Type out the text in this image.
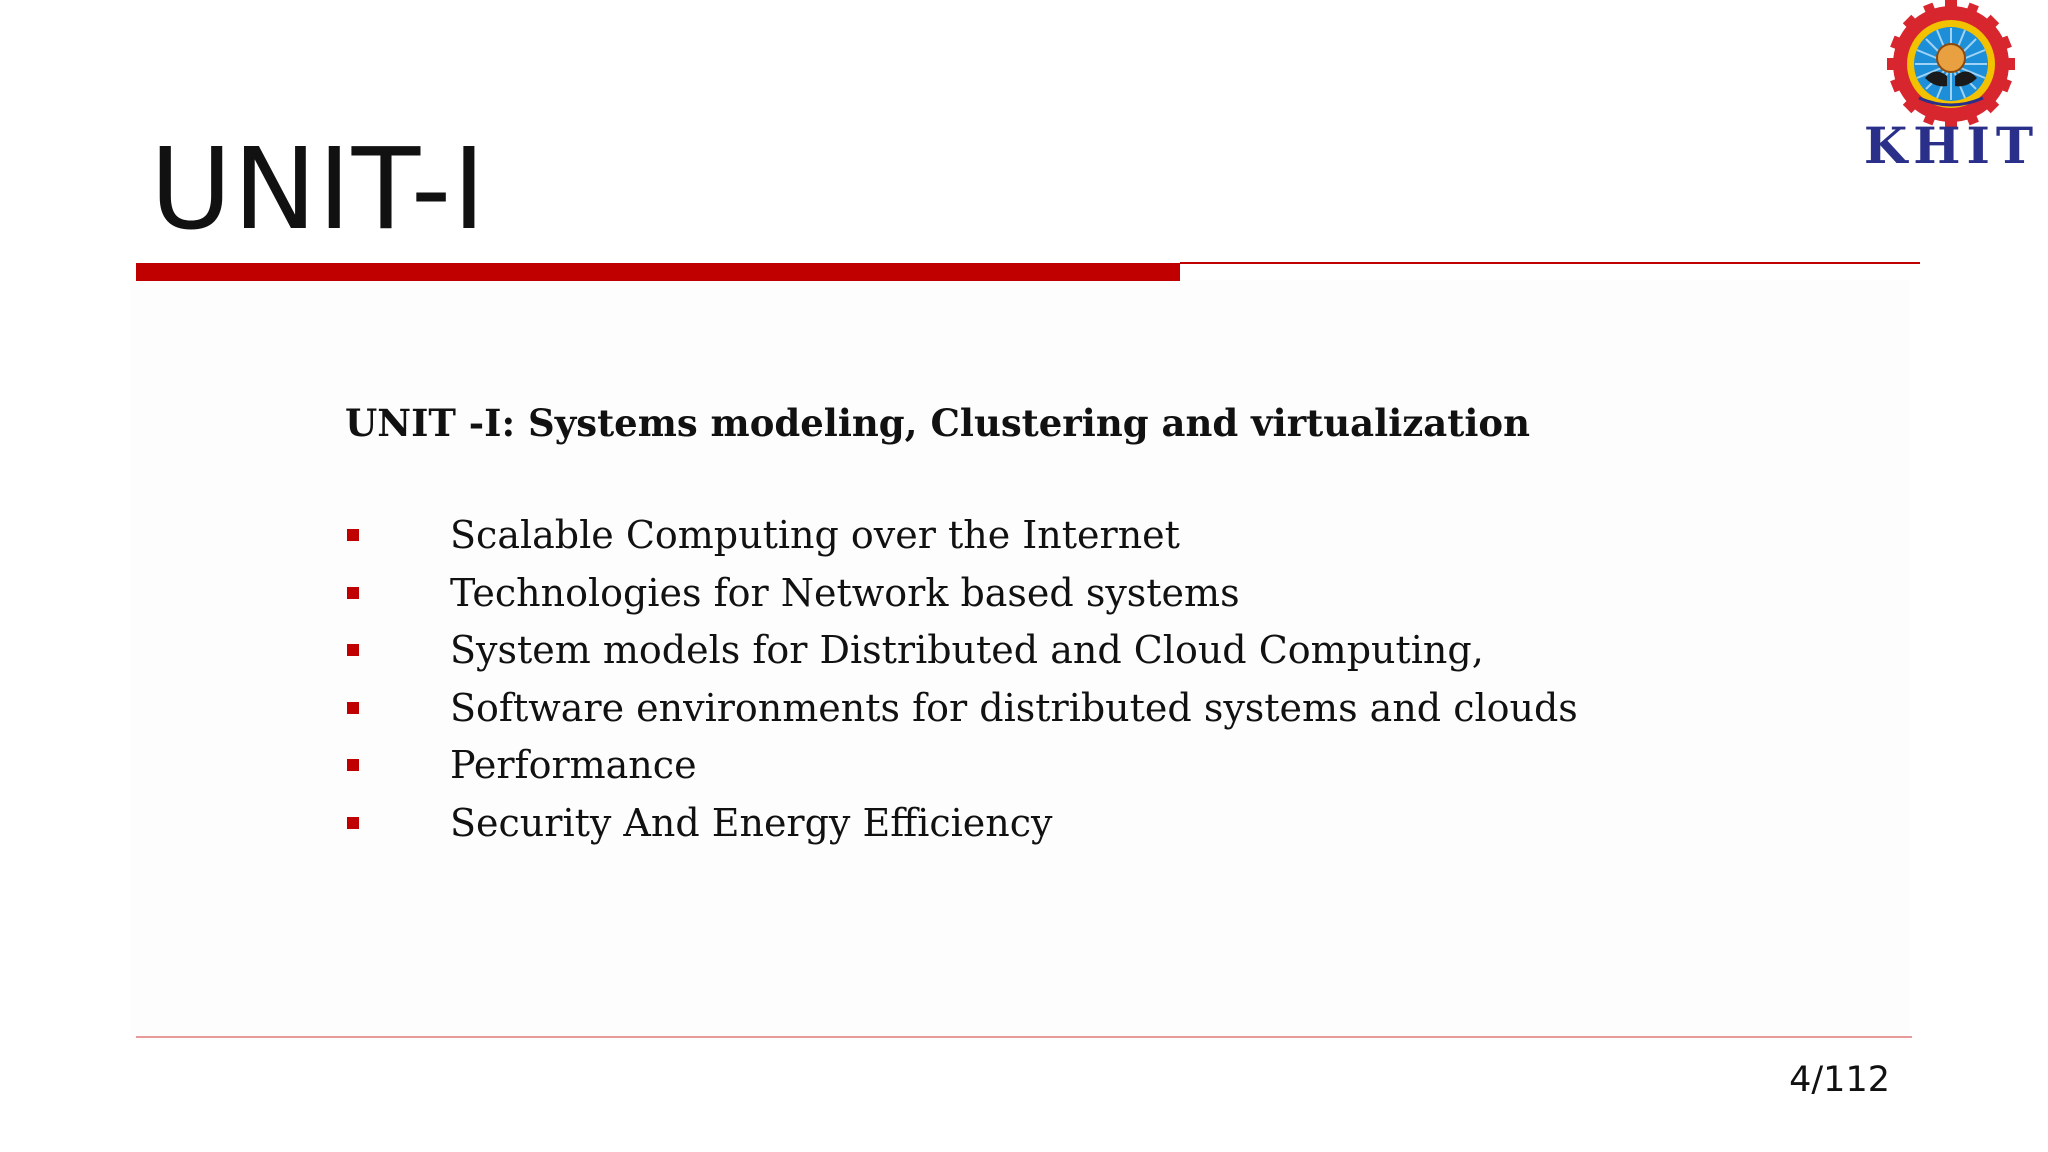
UNIT-I	KHIT
UNIT -I: Systems modeling, Clustering and virtualization
Scalable Computing over the Internet
Technologies for Network based systems
System models for Distributed and Cloud Computing,
Software environments for distributed systems and clouds
Performance
Security And Energy Efficiency
4/112
